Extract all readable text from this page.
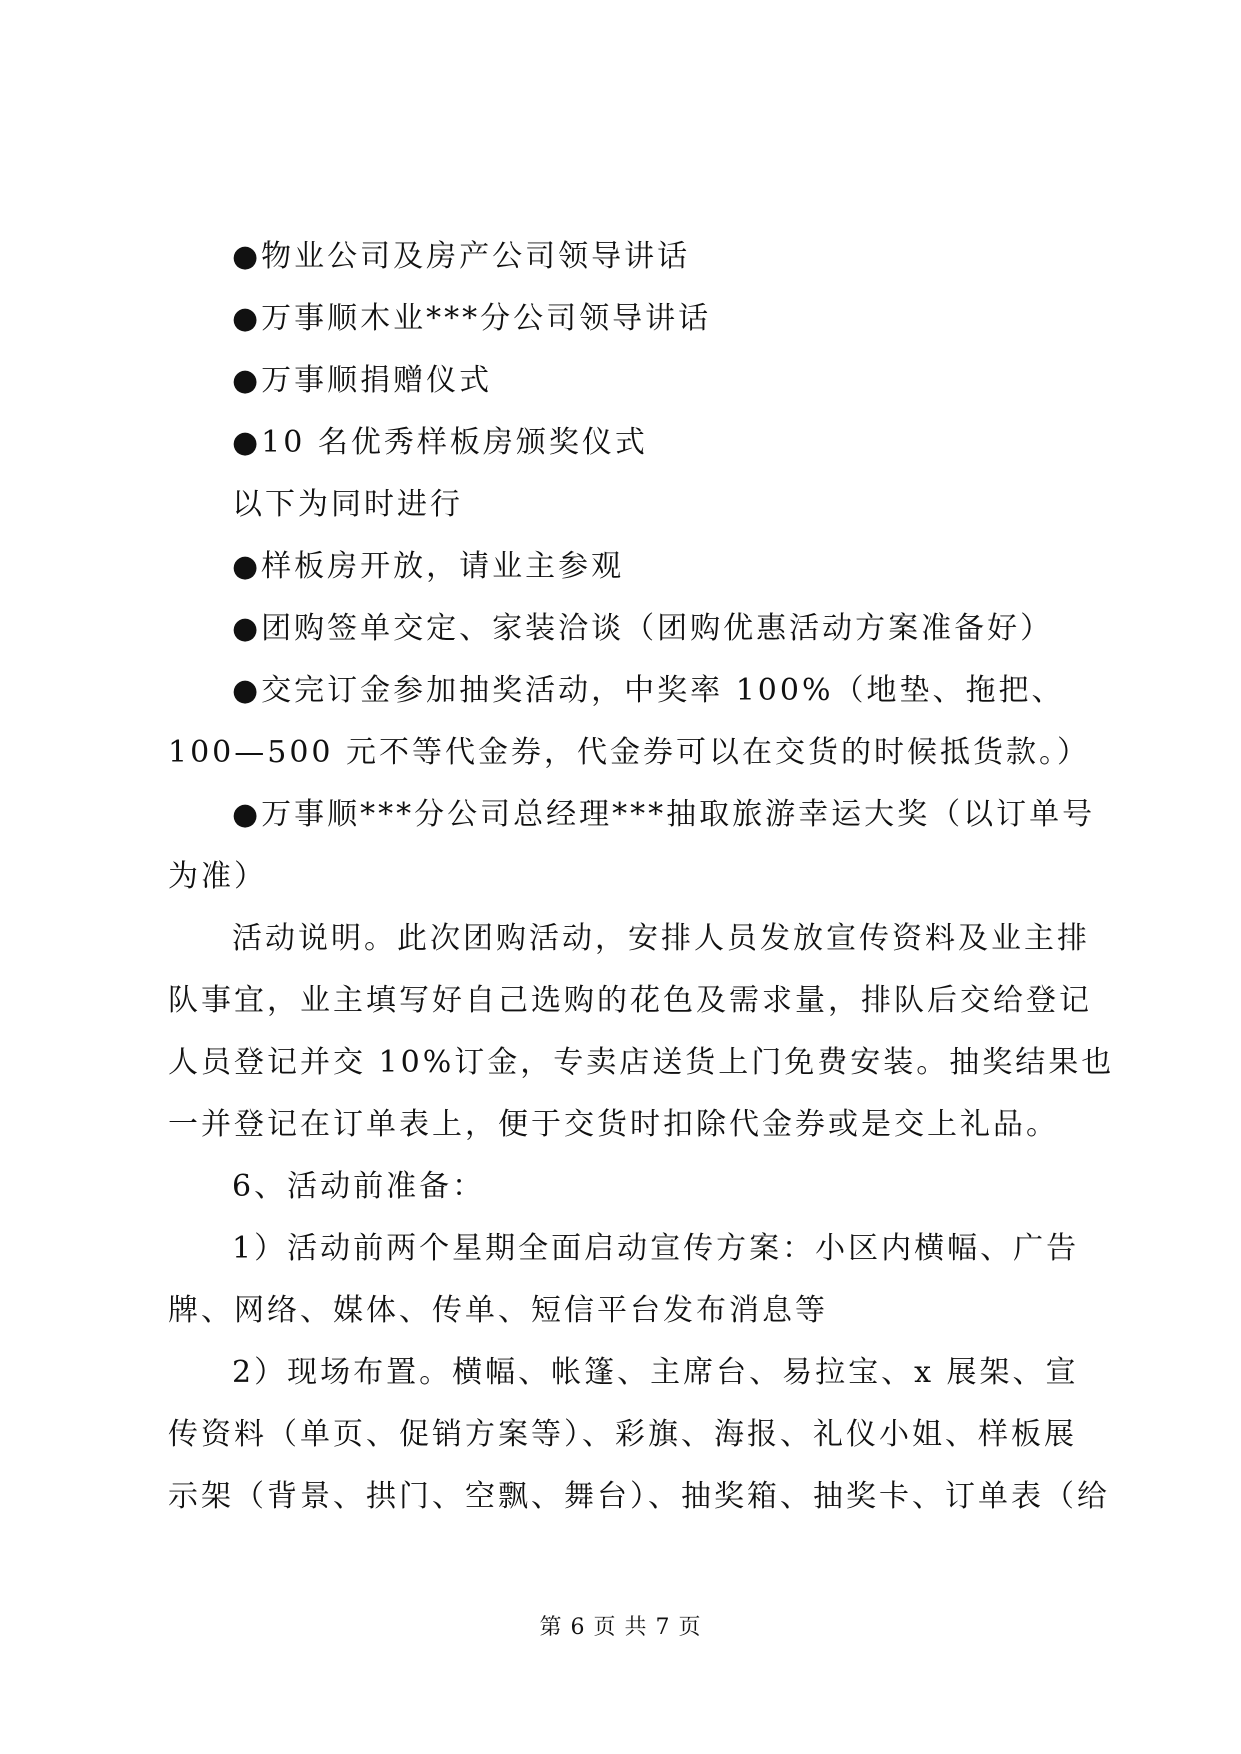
●物业公司及房产公司领导讲话
●万事顺木业***分公司领导讲话
●万事顺捐赠仪式
●10 名优秀样板房颁奖仪式
以下为同时进行
●样板房开放，请业主参观
●团购签单交定、家装洽谈（团购优惠活动方案准备好）
●交完订金参加抽奖活动，中奖率 100%（地垫、拖把、
100—500 元不等代金券，代金券可以在交货的时候抵货款。）
●万事顺***分公司总经理***抽取旅游幸运大奖（以订单号
为准）
活动说明。此次团购活动，安排人员发放宣传资料及业主排
队事宜，业主填写好自己选购的花色及需求量，排队后交给登记
人员登记并交 10%订金，专卖店送货上门免费安装。抽奖结果也
一并登记在订单表上，便于交货时扣除代金券或是交上礼品。
6、活动前准备：
1）活动前两个星期全面启动宣传方案：小区内横幅、广告
牌、网络、媒体、传单、短信平台发布消息等
2）现场布置。横幅、帐篷、主席台、易拉宝、x 展架、宣
传资料（单页、促销方案等）、彩旗、海报、礼仪小姐、样板展
示架（背景、拱门、空飘、舞台）、抽奖箱、抽奖卡、订单表（给
第 6 页 共 7 页
